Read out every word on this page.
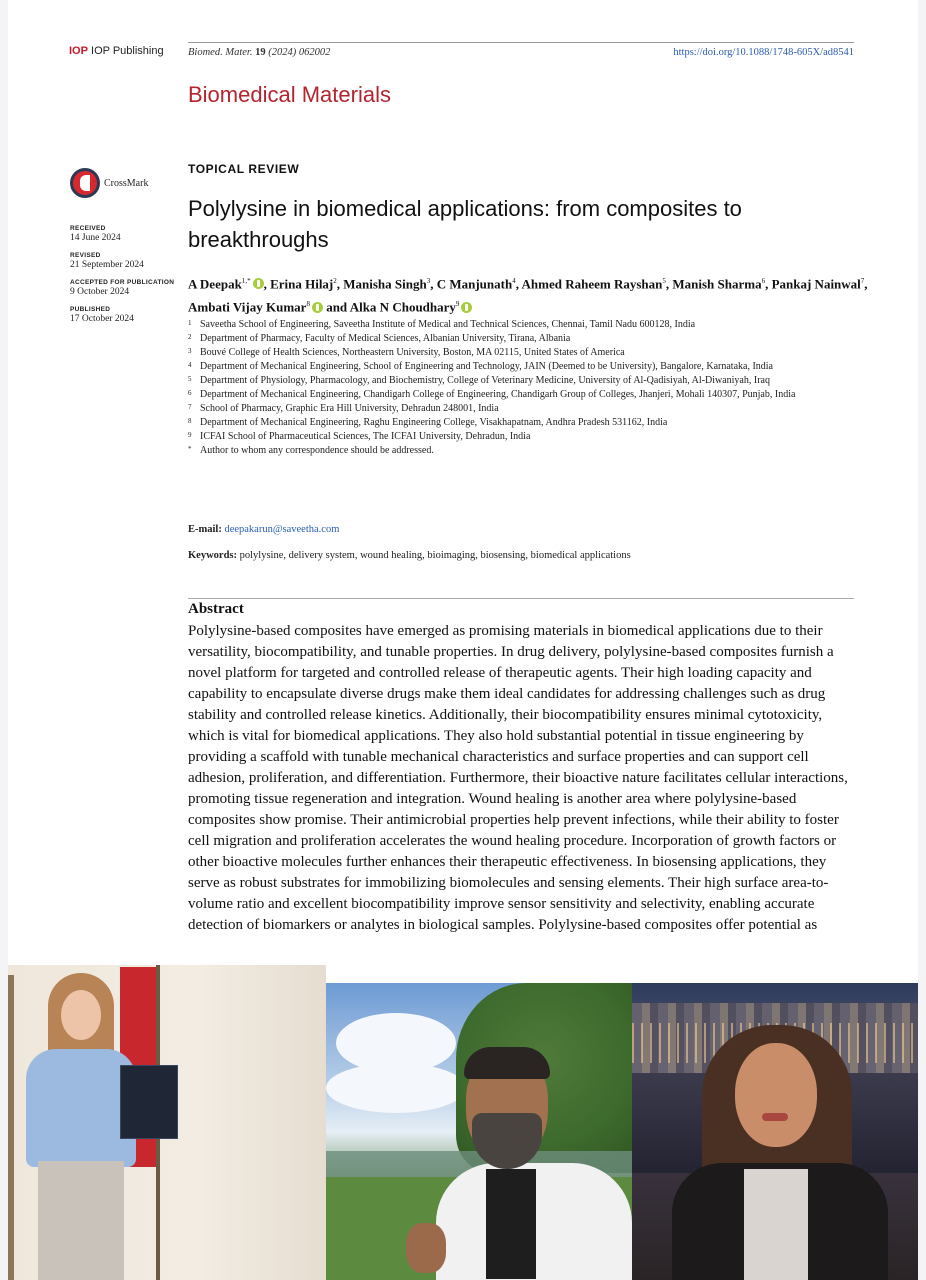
IOP IOP Publishing Biomed. Mater. 19 (2024) 062002	https://doi.org/10.1088/1748-605X/ad8541
Biomedical Materials
CrossMark
RECEIVED
14 June 2024
REVISED
21 September 2024
ACCEPTED FOR PUBLICATION
9 October 2024
PUBLISHED
17 October 2024
TOPICAL REVIEW
Polylysine in biomedical applications: from composites to breakthroughs
A Deepak$^{1,*}$ , Erina Hilaj$^2$, Manisha Singh$^3$, C Manjunath$^4$, Ahmed Raheem Rayshan$^5$, Manish Sharma$^6$, Pankaj Nainwal$^7$, Ambati Vijay Kumar$^8$ and Alka N Choudhary$^9$
1 Saveetha School of Engineering, Saveetha Institute of Medical and Technical Sciences, Chennai, Tamil Nadu 600128, India
2 Department of Pharmacy, Faculty of Medical Sciences, Albanian University, Tirana, Albania
3 Bouvé College of Health Sciences, Northeastern University, Boston, MA 02115, United States of America
4 Department of Mechanical Engineering, School of Engineering and Technology, JAIN (Deemed to be University), Bangalore, Karnataka, India
5 Department of Physiology, Pharmacology, and Biochemistry, College of Veterinary Medicine, University of Al-Qadisiyah, Al-Diwaniyah, Iraq
6 Department of Mechanical Engineering, Chandigarh College of Engineering, Chandigarh Group of Colleges, Jhanjeri, Mohali 140307, Punjab, India
7 School of Pharmacy, Graphic Era Hill University, Dehradun 248001, India
8 Department of Mechanical Engineering, Raghu Engineering College, Visakhapatnam, Andhra Pradesh 531162, India
9 ICFAI School of Pharmaceutical Sciences, The ICFAI University, Dehradun, India
* Author to whom any correspondence should be addressed.
E-mail: deepakarun@saveetha.com
Keywords: polylysine, delivery system, wound healing, bioimaging, biosensing, biomedical applications
Abstract
Polylysine-based composites have emerged as promising materials in biomedical applications due to their versatility, biocompatibility, and tunable properties. In drug delivery, polylysine-based composites furnish a novel platform for targeted and controlled release of therapeutic agents. Their high loading capacity and capability to encapsulate diverse drugs make them ideal candidates for addressing challenges such as drug stability and controlled release kinetics. Additionally, their biocompatibility ensures minimal cytotoxicity, which is vital for biomedical applications. They also hold substantial potential in tissue engineering by providing a scaffold with tunable mechanical characteristics and surface properties and can support cell adhesion, proliferation, and differentiation. Furthermore, their bioactive nature facilitates cellular interactions, promoting tissue regeneration and integration. Wound healing is another area where polylysine-based composites show promise. Their antimicrobial properties help prevent infections, while their ability to foster cell migration and proliferation accelerates the wound healing procedure. Incorporation of growth factors or other bioactive molecules further enhances their therapeutic effectiveness. In biosensing applications, they serve as robust substrates for immobilizing biomolecules and sensing elements. Their high surface area-to-volume ratio and excellent biocompatibility improve sensor sensitivity and selectivity, enabling accurate detection of biomarkers or analytes in biological samples. Polylysine-based composites offer potential as
